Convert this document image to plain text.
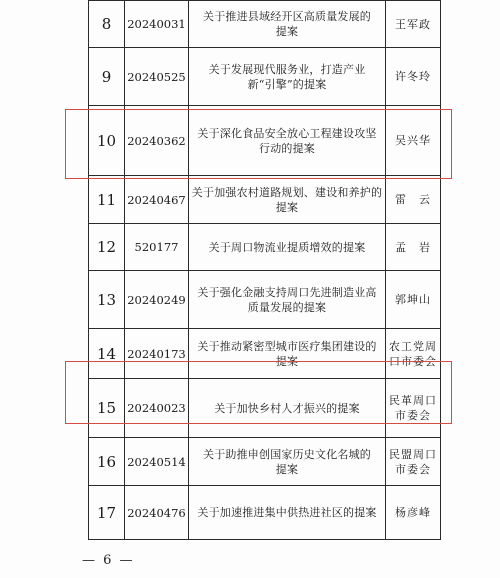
8	20240031	关于推进县域经开区高质量发展的
提案	王军政
9	20240525	关于发展现代服务业，打造产业
新“引擎”的提案	许冬玲
10	20240362	关于深化食品安全放心工程建设攻坚
行动的提案	吴兴华
11	20240467	关于加强农村道路规划、建设和养护的
提案	雷　云
12	520177	关于周口物流业提质增效的提案	孟　岩
13	20240249	关于强化金融支持周口先进制造业高
质量发展的提案	郭坤山
14	20240173	关于推动紧密型城市医疗集团建设的
提案	农工党周
口市委会

15	20240023	关于加快乡村人才振兴的提案	民革周口
市委会

16	20240514	关于助推申创国家历史文化名城的
提案	民盟周口
市委会

17	20240476	关于加速推进集中供热进社区的提案	杨彦峰
— 6 —
